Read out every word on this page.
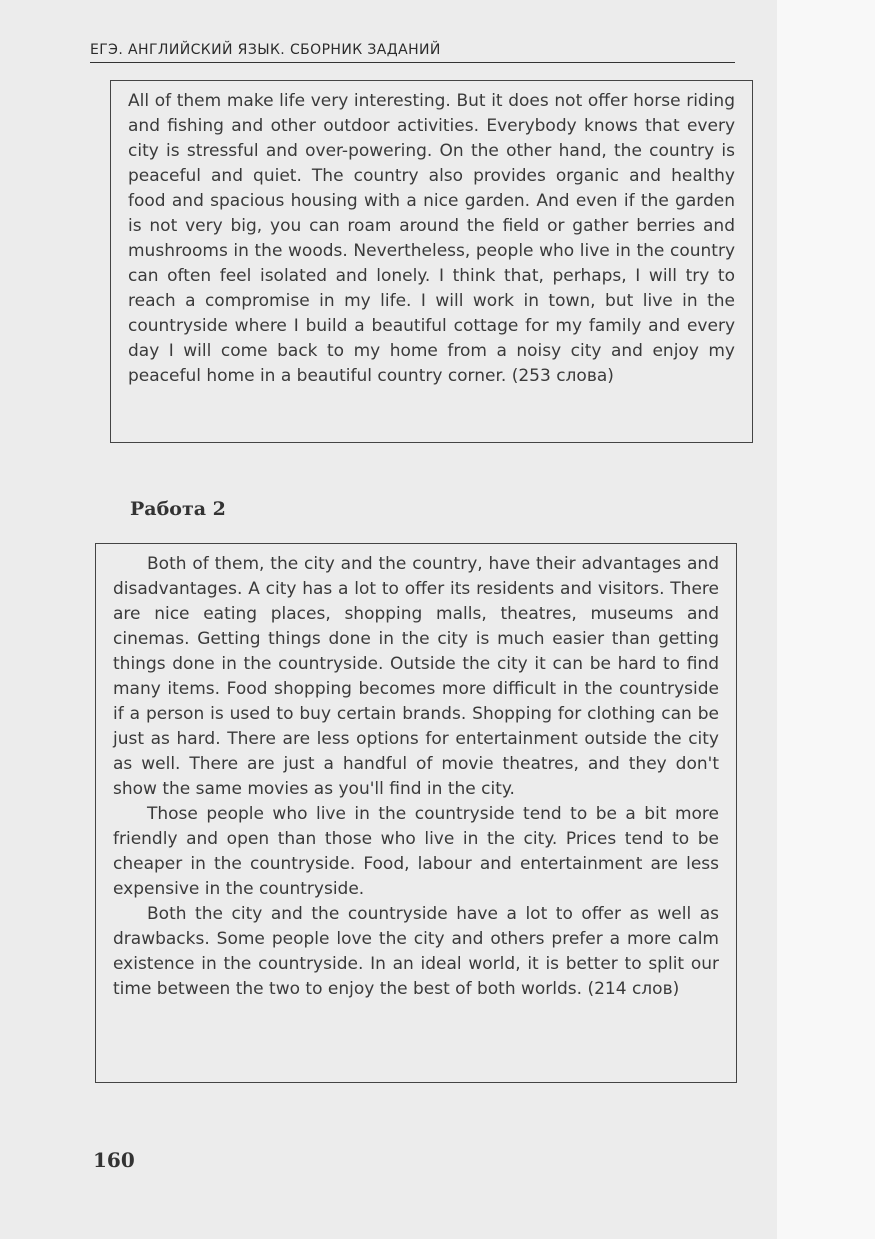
ЕГЭ. АНГЛИЙСКИЙ ЯЗЫК. СБОРНИК ЗАДАНИЙ

All of them make life very interesting. But it does not offer horse riding and fishing and other outdoor activities. Everybody knows that every city is stressful and over-powering. On the other hand, the country is peaceful and quiet. The country also provides organic and healthy food and spacious housing with a nice garden. And even if the garden is not very big, you can roam around the field or gather berries and mushrooms in the woods. Nevertheless, people who live in the country can often feel isolated and lonely. I think that, perhaps, I will try to reach a compromise in my life. I will work in town, but live in the countryside where I build a beautiful cottage for my family and every day I will come back to my home from a noisy city and enjoy my peaceful home in a beautiful country corner. (253 слова)

Работа 2

Both of them, the city and the country, have their advantages and disadvantages. A city has a lot to offer its residents and visitors. There are nice eating places, shopping malls, theatres, museums and cinemas. Getting things done in the city is much easier than getting things done in the countryside. Outside the city it can be hard to find many items. Food shopping becomes more difficult in the countryside if a person is used to buy certain brands. Shopping for clothing can be just as hard. There are less options for entertainment outside the city as well. There are just a handful of movie theatres, and they don't show the same movies as you'll find in the city.

Those people who live in the countryside tend to be a bit more friendly and open than those who live in the city. Prices tend to be cheaper in the countryside. Food, labour and entertainment are less expensive in the countryside.

Both the city and the countryside have a lot to offer as well as drawbacks. Some people love the city and others prefer a more calm existence in the countryside. In an ideal world, it is better to split our time between the two to enjoy the best of both worlds. (214 слов)

160
